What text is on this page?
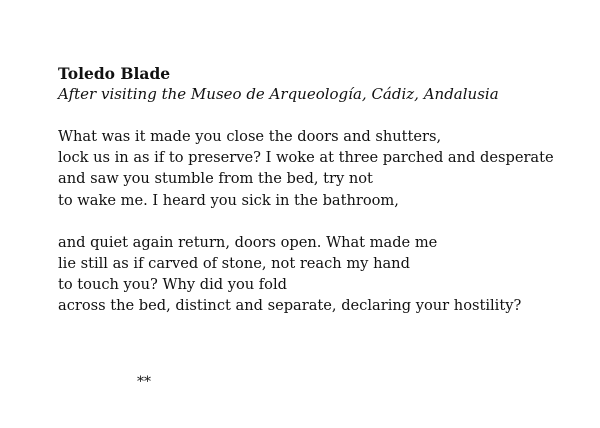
Toledo Blade
After visiting the Museo de Arqueología, Cádiz, Andalusia
What was it made you close the doors and shutters,
lock us in as if to preserve? I woke at three parched and desperate
and saw you stumble from the bed, try not
to wake me. I heard you sick in the bathroom,
and quiet again return, doors open. What made me
lie still as if carved of stone, not reach my hand
to touch you? Why did you fold
across the bed, distinct and separate, declaring your hostility?
**
